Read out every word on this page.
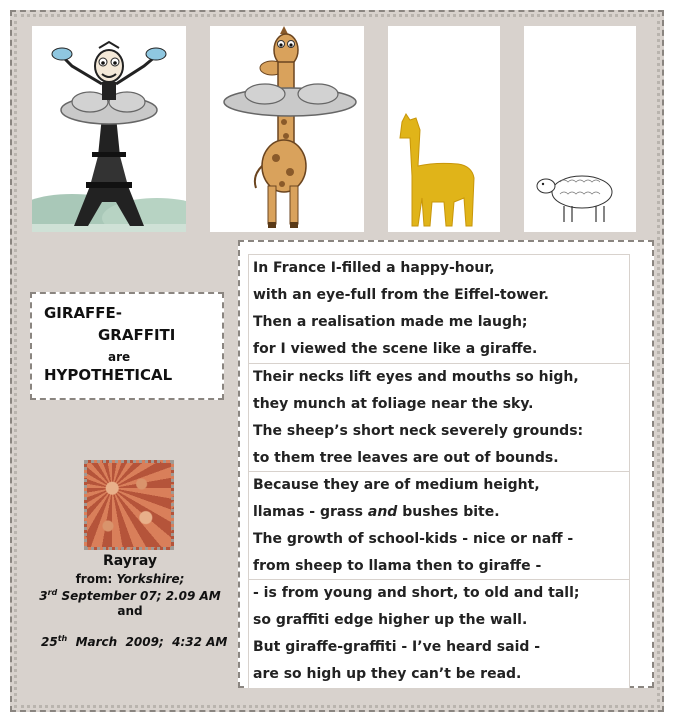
GIRAFFE-
GRAFFITI
are
HYPOTHETICAL
Rayray
from: Yorkshire;
3rd September 07; 2.09 AM
and

25th  March  2009;  4:32 AM

In France I-filled a happy-hour,
with an eye-full from the Eiffel-tower.
Then a realisation made me laugh;
for I viewed the scene like a giraffe.
Their necks lift eyes and mouths so high,
they munch at foliage near the sky.
The sheep’s short neck severely grounds:
to them tree leaves are out of bounds.
Because they are of medium height,
llamas - grass and bushes bite.
The growth of school-kids - nice or naff -
from sheep to llama then to giraffe -
- is from young and short, to old and tall;
so graffiti edge higher up the wall.
But giraffe-graffiti - I’ve heard said -
are so high up they can’t be read.
